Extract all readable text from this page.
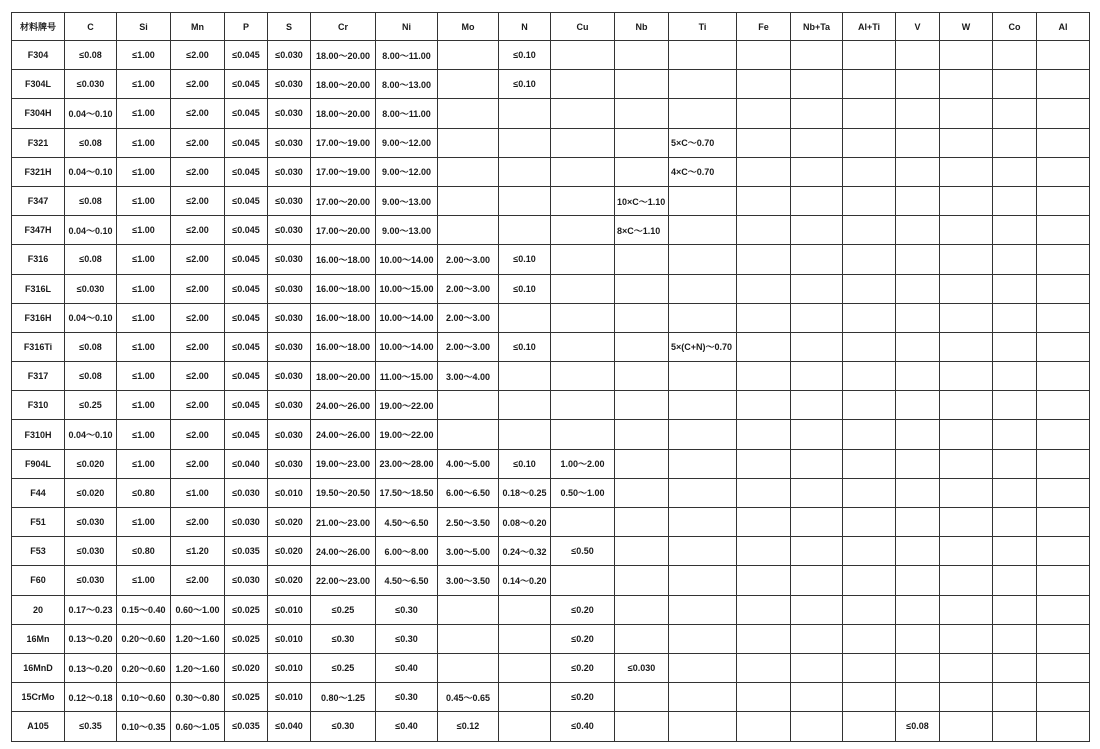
材料牌号	C	Si	Mn	P	S	Cr	Ni	Mo	N	Cu	Nb	Ti	Fe	Nb+Ta	Al+Ti	V	W	Co	Al
F304	≤0.08	≤1.00	≤2.00	≤0.045	≤0.030	18.00～20.00	8.00～11.00		≤0.10										
F304L	≤0.030	≤1.00	≤2.00	≤0.045	≤0.030	18.00～20.00	8.00～13.00		≤0.10										
F304H	0.04～0.10	≤1.00	≤2.00	≤0.045	≤0.030	18.00～20.00	8.00～11.00												
F321	≤0.08	≤1.00	≤2.00	≤0.045	≤0.030	17.00～19.00	9.00～12.00					5×C～0.70							
F321H	0.04～0.10	≤1.00	≤2.00	≤0.045	≤0.030	17.00～19.00	9.00～12.00					4×C～0.70							
F347	≤0.08	≤1.00	≤2.00	≤0.045	≤0.030	17.00～20.00	9.00～13.00				10×C～1.10								
F347H	0.04～0.10	≤1.00	≤2.00	≤0.045	≤0.030	17.00～20.00	9.00～13.00				8×C～1.10								
F316	≤0.08	≤1.00	≤2.00	≤0.045	≤0.030	16.00～18.00	10.00～14.00	2.00～3.00	≤0.10										
F316L	≤0.030	≤1.00	≤2.00	≤0.045	≤0.030	16.00～18.00	10.00～15.00	2.00～3.00	≤0.10										
F316H	0.04～0.10	≤1.00	≤2.00	≤0.045	≤0.030	16.00～18.00	10.00～14.00	2.00～3.00											
F316Ti	≤0.08	≤1.00	≤2.00	≤0.045	≤0.030	16.00～18.00	10.00～14.00	2.00～3.00	≤0.10			5×(C+N)～0.70							
F317	≤0.08	≤1.00	≤2.00	≤0.045	≤0.030	18.00～20.00	11.00～15.00	3.00～4.00											
F310	≤0.25	≤1.00	≤2.00	≤0.045	≤0.030	24.00～26.00	19.00～22.00												
F310H	0.04～0.10	≤1.00	≤2.00	≤0.045	≤0.030	24.00～26.00	19.00～22.00												
F904L	≤0.020	≤1.00	≤2.00	≤0.040	≤0.030	19.00～23.00	23.00～28.00	4.00～5.00	≤0.10	1.00～2.00									
F44	≤0.020	≤0.80	≤1.00	≤0.030	≤0.010	19.50～20.50	17.50～18.50	6.00～6.50	0.18～0.25	0.50～1.00									
F51	≤0.030	≤1.00	≤2.00	≤0.030	≤0.020	21.00～23.00	4.50～6.50	2.50～3.50	0.08～0.20										
F53	≤0.030	≤0.80	≤1.20	≤0.035	≤0.020	24.00～26.00	6.00～8.00	3.00～5.00	0.24～0.32	≤0.50									
F60	≤0.030	≤1.00	≤2.00	≤0.030	≤0.020	22.00～23.00	4.50～6.50	3.00～3.50	0.14～0.20										
20	0.17～0.23	0.15～0.40	0.60～1.00	≤0.025	≤0.010	≤0.25	≤0.30			≤0.20									
16Mn	0.13～0.20	0.20～0.60	1.20～1.60	≤0.025	≤0.010	≤0.30	≤0.30			≤0.20									
16MnD	0.13～0.20	0.20～0.60	1.20～1.60	≤0.020	≤0.010	≤0.25	≤0.40			≤0.20	≤0.030								
15CrMo	0.12～0.18	0.10～0.60	0.30～0.80	≤0.025	≤0.010	0.80～1.25	≤0.30	0.45～0.65		≤0.20									
A105	≤0.35	0.10～0.35	0.60～1.05	≤0.035	≤0.040	≤0.30	≤0.40	≤0.12		≤0.40						≤0.08			
